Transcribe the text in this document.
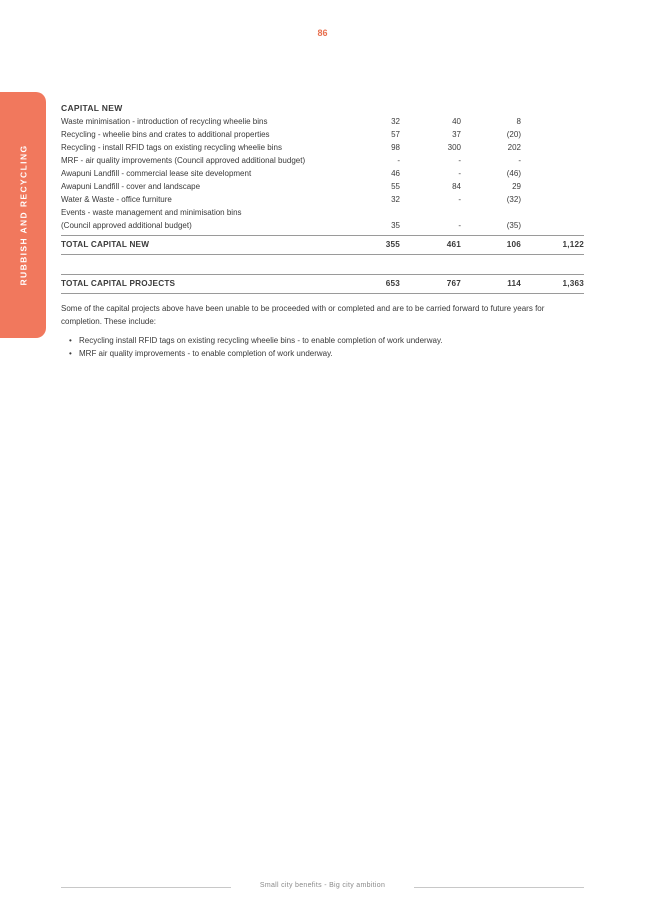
86
RUBBISH AND RECYCLING
CAPITAL NEW
Waste minimisation - introduction of recycling wheelie bins	32	40	8
Recycling - wheelie bins and crates to additional properties	57	37	(20)
Recycling - install RFID tags on existing recycling wheelie bins	98	300	202
MRF - air quality improvements (Council approved additional budget)	-	-	-
Awapuni Landfill - commercial lease site development	46	-	(46)
Awapuni Landfill - cover and landscape	55	84	29
Water & Waste - office furniture	32	-	(32)
Events - waste management and minimisation bins
(Council approved additional budget)	35	-	(35)
TOTAL CAPITAL NEW	355	461	106	1,122
TOTAL CAPITAL PROJECTS	653	767	114	1,363

Some of the capital projects above have been unable to be proceeded with or completed and are to be carried forward to future years for completion. These include:

• Recycling install RFID tags on existing recycling wheelie bins - to enable completion of work underway.
• MRF air quality improvements - to enable completion of work underway.
Small city benefits - Big city ambition
